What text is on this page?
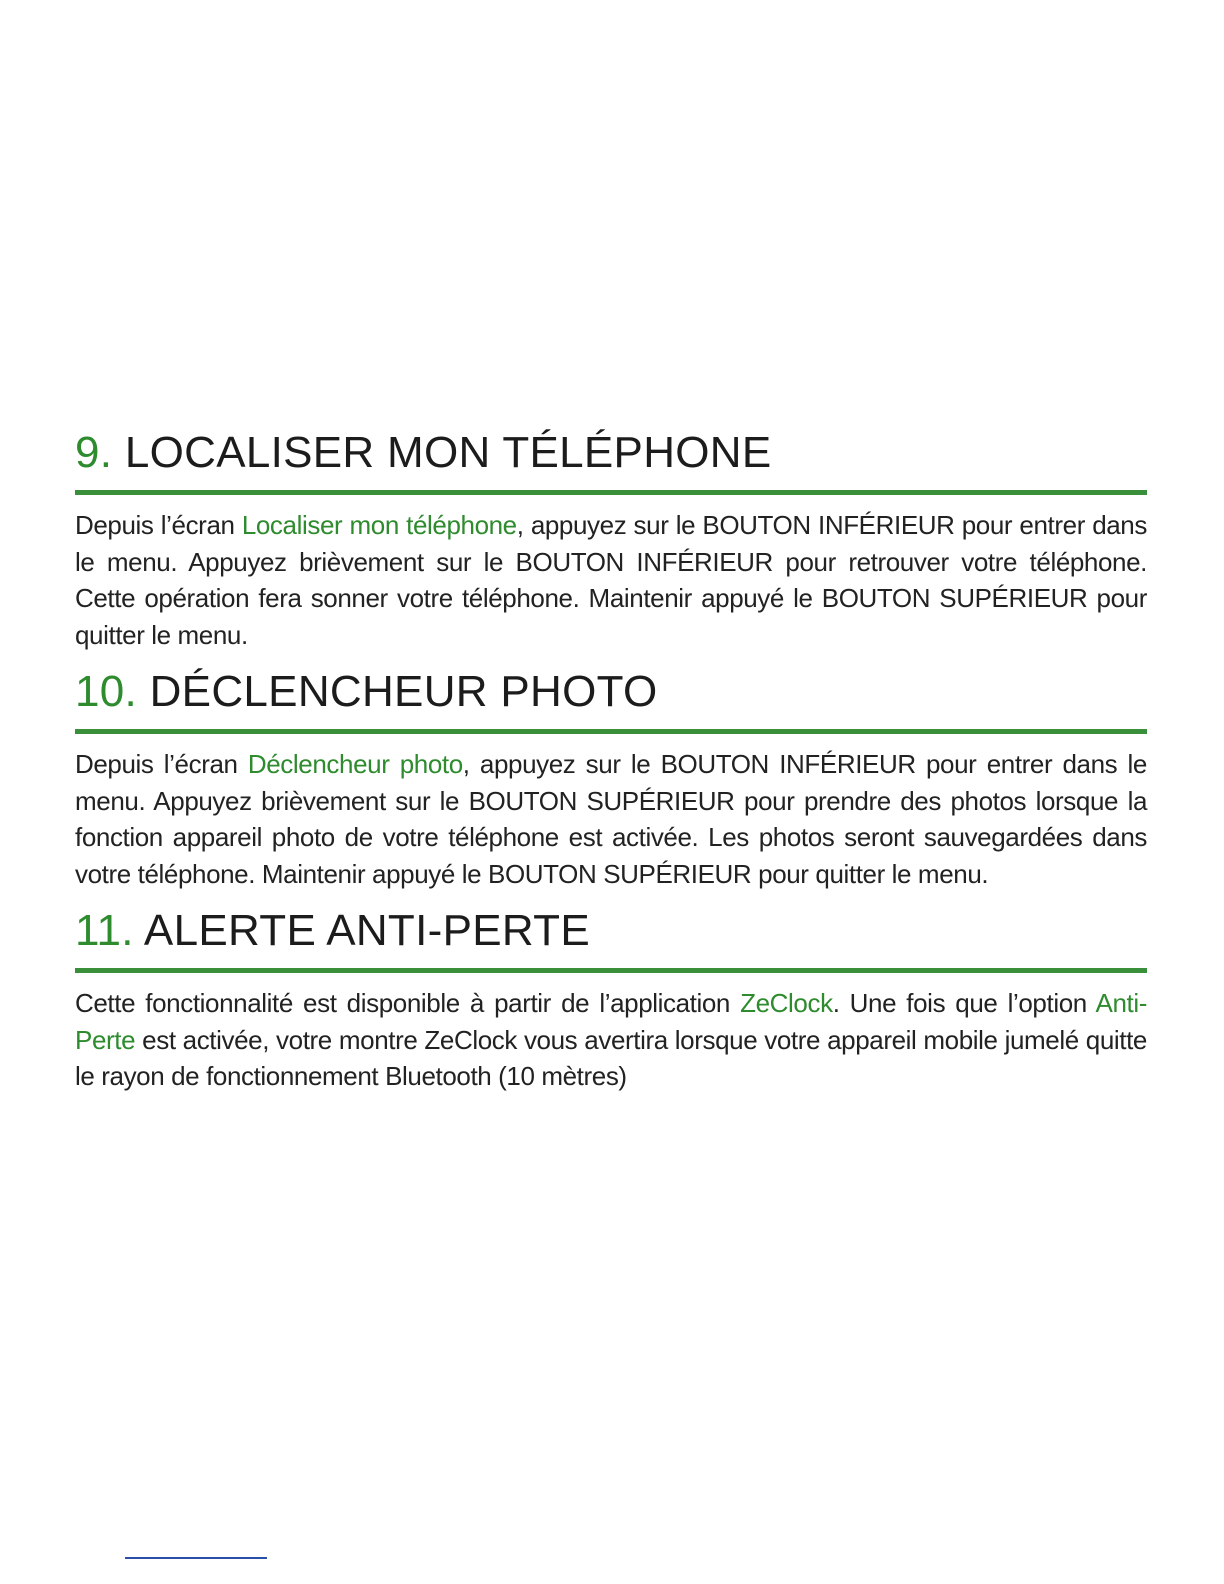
9. LOCALISER MON TÉLÉPHONE

Depuis l’écran Localiser mon téléphone, appuyez sur le BOUTON INFÉRIEUR pour entrer dans le menu. Appuyez brièvement sur le BOUTON INFÉRIEUR pour retrouver votre téléphone. Cette opération fera sonner votre téléphone. Maintenir appuyé le BOUTON SUPÉRIEUR pour quitter le menu.

10. DÉCLENCHEUR PHOTO

Depuis l’écran Déclencheur photo, appuyez sur le BOUTON INFÉRIEUR pour entrer dans le menu. Appuyez brièvement sur le BOUTON SUPÉRIEUR pour prendre des photos lorsque la fonction appareil photo de votre téléphone est activée. Les photos seront sauvegardées dans votre téléphone. Maintenir appuyé le BOUTON SUPÉRIEUR pour quitter le menu.

11. ALERTE ANTI-PERTE

Cette fonctionnalité est disponible à partir de l’application ZeClock. Une fois que l’option Anti-Perte est activée, votre montre ZeClock vous avertira lorsque votre appareil mobile jumelé quitte le rayon de fonctionnement Bluetooth (10 mètres)
